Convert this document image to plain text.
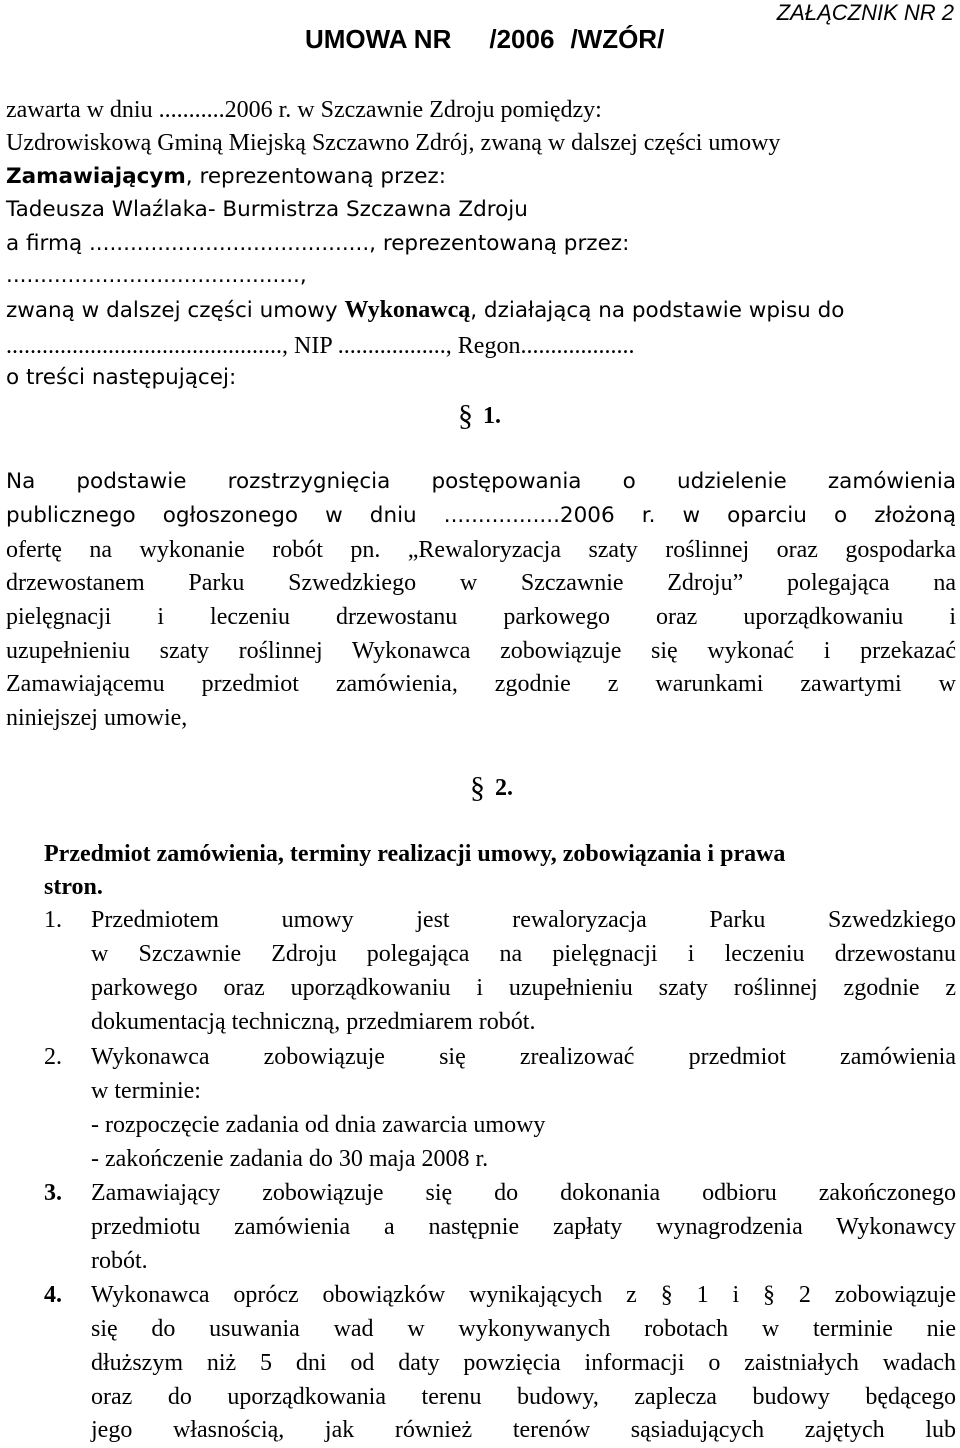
ZAŁĄCZNIK NR 2
UMOWA NR /2006 /WZÓR/
zawarta w dniu ...........2006 r. w Szczawnie Zdroju pomiędzy:
Uzdrowiskową Gminą Miejską Szczawno Zdrój, zwaną w dalszej części umowy
Zamawiającym, reprezentowaną przez:
Tadeusza Wlaźlaka- Burmistrza Szczawna Zdroju
a firmą ........................................., reprezentowaną przez:
...........................................,
zwaną w dalszej części umowy Wykonawcą, działającą na podstawie wpisu do
.............................................., NIP .................., Regon...................
o treści następującej:
§ 1.
Na podstawie rozstrzygnięcia postępowania o udzielenie zamówienia
publicznego ogłoszonego w dniu .................2006 r. w oparciu o złożoną
ofertę na wykonanie robót pn. „Rewaloryzacja szaty roślinnej oraz gospodarka
drzewostanem Parku Szwedzkiego w Szczawnie Zdroju” polegająca na
pielęgnacji i leczeniu drzewostanu parkowego oraz uporządkowaniu i
uzupełnieniu szaty roślinnej Wykonawca zobowiązuje się wykonać i przekazać
Zamawiającemu przedmiot zamówienia, zgodnie z warunkami zawartymi w
niniejszej umowie,
§ 2.
Przedmiot zamówienia, terminy realizacji umowy, zobowiązania i prawa
stron.
1. Przedmiotem umowy jest rewaloryzacja Parku Szwedzkiego
w Szczawnie Zdroju polegająca na pielęgnacji i leczeniu drzewostanu
parkowego oraz uporządkowaniu i uzupełnieniu szaty roślinnej zgodnie z
dokumentacją techniczną, przedmiarem robót.
2. Wykonawca zobowiązuje się zrealizować przedmiot zamówienia
w terminie:
- rozpoczęcie zadania od dnia zawarcia umowy
- zakończenie zadania do 30 maja 2008 r.
3. Zamawiający zobowiązuje się do dokonania odbioru zakończonego
przedmiotu zamówienia a następnie zapłaty wynagrodzenia Wykonawcy
robót.
4. Wykonawca oprócz obowiązków wynikających z § 1 i § 2 zobowiązuje
się do usuwania wad w wykonywanych robotach w terminie nie
dłuższym niż 5 dni od daty powzięcia informacji o zaistniałych wadach
oraz do uporządkowania terenu budowy, zaplecza budowy będącego
jego własnością, jak również terenów sąsiadujących zajętych lub
